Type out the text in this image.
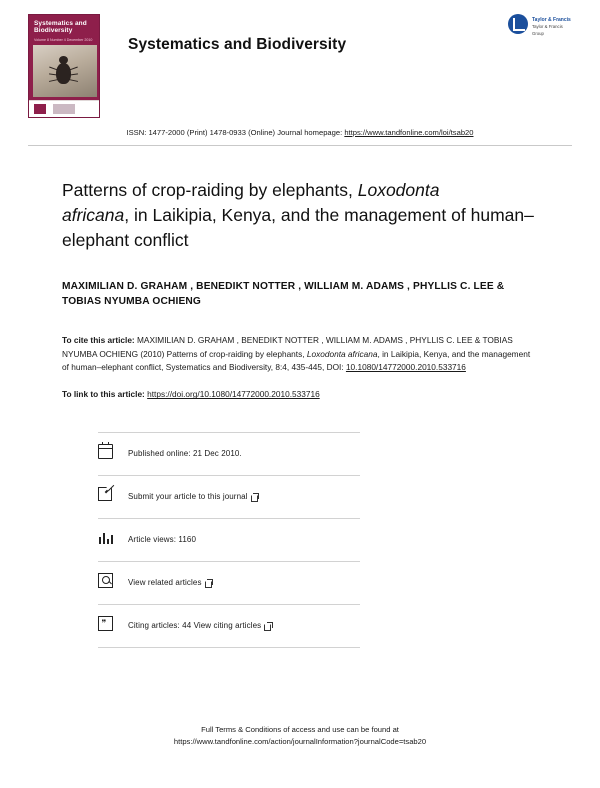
Systematics and Biodiversity
Volume 8 Number 4 December 2010
	Systematics and Biodiversity
Taylor & Francis
Taylor & Francis Group
ISSN: 1477-2000 (Print) 1478-0933 (Online) Journal homepage: https://www.tandfonline.com/loi/tsab20
Patterns of crop-raiding by elephants, Loxodonta
africana, in Laikipia, Kenya, and the management of human–elephant conflict
MAXIMILIAN D. GRAHAM , BENEDIKT NOTTER , WILLIAM M. ADAMS , PHYLLIS C. LEE & TOBIAS NYUMBA OCHIENG
To cite this article: MAXIMILIAN D. GRAHAM , BENEDIKT NOTTER , WILLIAM M. ADAMS , PHYLLIS C. LEE & TOBIAS NYUMBA OCHIENG (2010) Patterns of crop-raiding by elephants, Loxodonta africana, in Laikipia, Kenya, and the management of human–elephant conflict, Systematics and Biodiversity, 8:4, 435-445, DOI: 10.1080/14772000.2010.533716
To link to this article: https://doi.org/10.1080/14772000.2010.533716
Published online: 21 Dec 2010.
Submit your article to this journal
Article views: 1160
View related articles
❞	Citing articles: 44 View citing articles
Full Terms & Conditions of access and use can be found at
https://www.tandfonline.com/action/journalInformation?journalCode=tsab20
